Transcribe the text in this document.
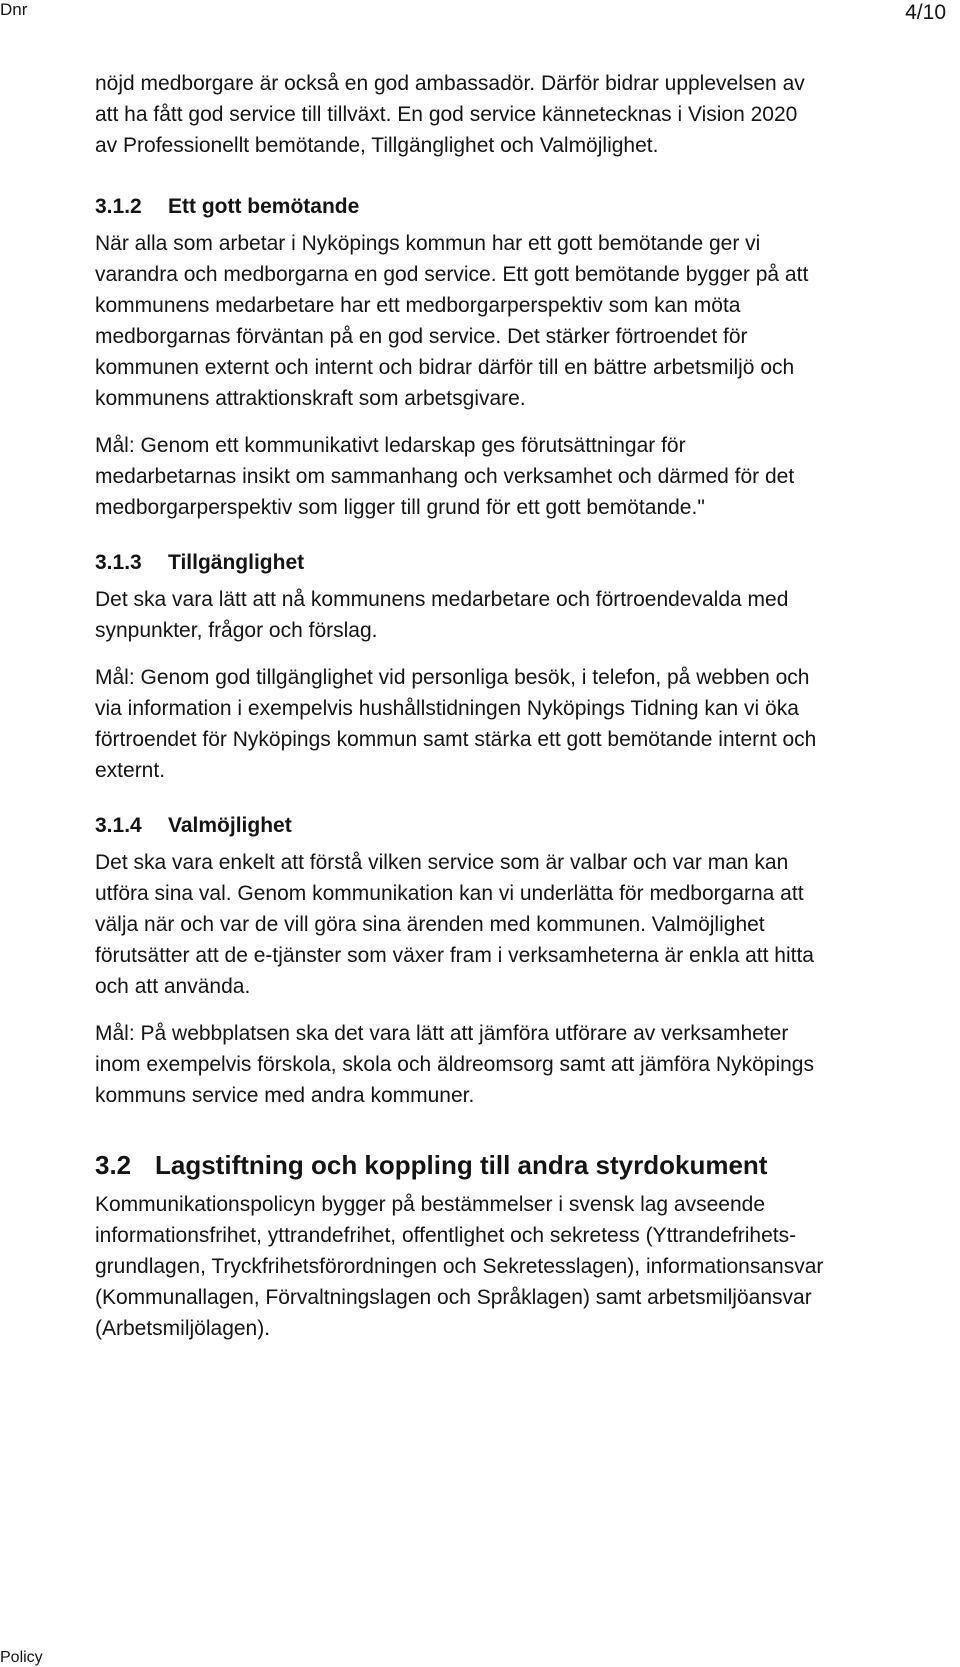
Dnr	4/10
nöjd medborgare är också en god ambassadör. Därför bidrar upplevelsen av
att ha fått god service till tillväxt. En god service kännetecknas i Vision 2020
av Professionellt bemötande, Tillgänglighet och Valmöjlighet.
3.1.2	Ett gott bemötande
När alla som arbetar i Nyköpings kommun har ett gott bemötande ger vi
varandra och medborgarna en god service. Ett gott bemötande bygger på att
kommunens medarbetare har ett medborgarperspektiv som kan möta
medborgarnas förväntan på en god service. Det stärker förtroendet för
kommunen externt och internt och bidrar därför till en bättre arbetsmiljö och
kommunens attraktionskraft som arbetsgivare.
Mål: Genom ett kommunikativt ledarskap ges förutsättningar för
medarbetarnas insikt om sammanhang och verksamhet och därmed för det
medborgarperspektiv som ligger till grund för ett gott bemötande."
3.1.3	Tillgänglighet
Det ska vara lätt att nå kommunens medarbetare och förtroendevalda med
synpunkter, frågor och förslag.
Mål: Genom god tillgänglighet vid personliga besök, i telefon, på webben och
via information i exempelvis hushållstidningen Nyköpings Tidning kan vi öka
förtroendet för Nyköpings kommun samt stärka ett gott bemötande internt och
externt.
3.1.4	Valmöjlighet
Det ska vara enkelt att förstå vilken service som är valbar och var man kan
utföra sina val. Genom kommunikation kan vi underlätta för medborgarna att
välja när och var de vill göra sina ärenden med kommunen. Valmöjlighet
förutsätter att de e-tjänster som växer fram i verksamheterna är enkla att hitta
och att använda.
Mål: På webbplatsen ska det vara lätt att jämföra utförare av verksamheter
inom exempelvis förskola, skola och äldreomsorg samt att jämföra Nyköpings
kommuns service med andra kommuner.
3.2 Lagstiftning och koppling till andra styrdokument
Kommunikationspolicyn bygger på bestämmelser i svensk lag avseende
informationsfrihet, yttrandefrihet, offentlighet och sekretess (Yttrandefrihets-
grundlagen, Tryckfrihetsförordningen och Sekretesslagen), informationsansvar
(Kommunallagen, Förvaltningslagen och Språklagen) samt arbetsmiljöansvar
(Arbetsmiljölagen).
Policy
